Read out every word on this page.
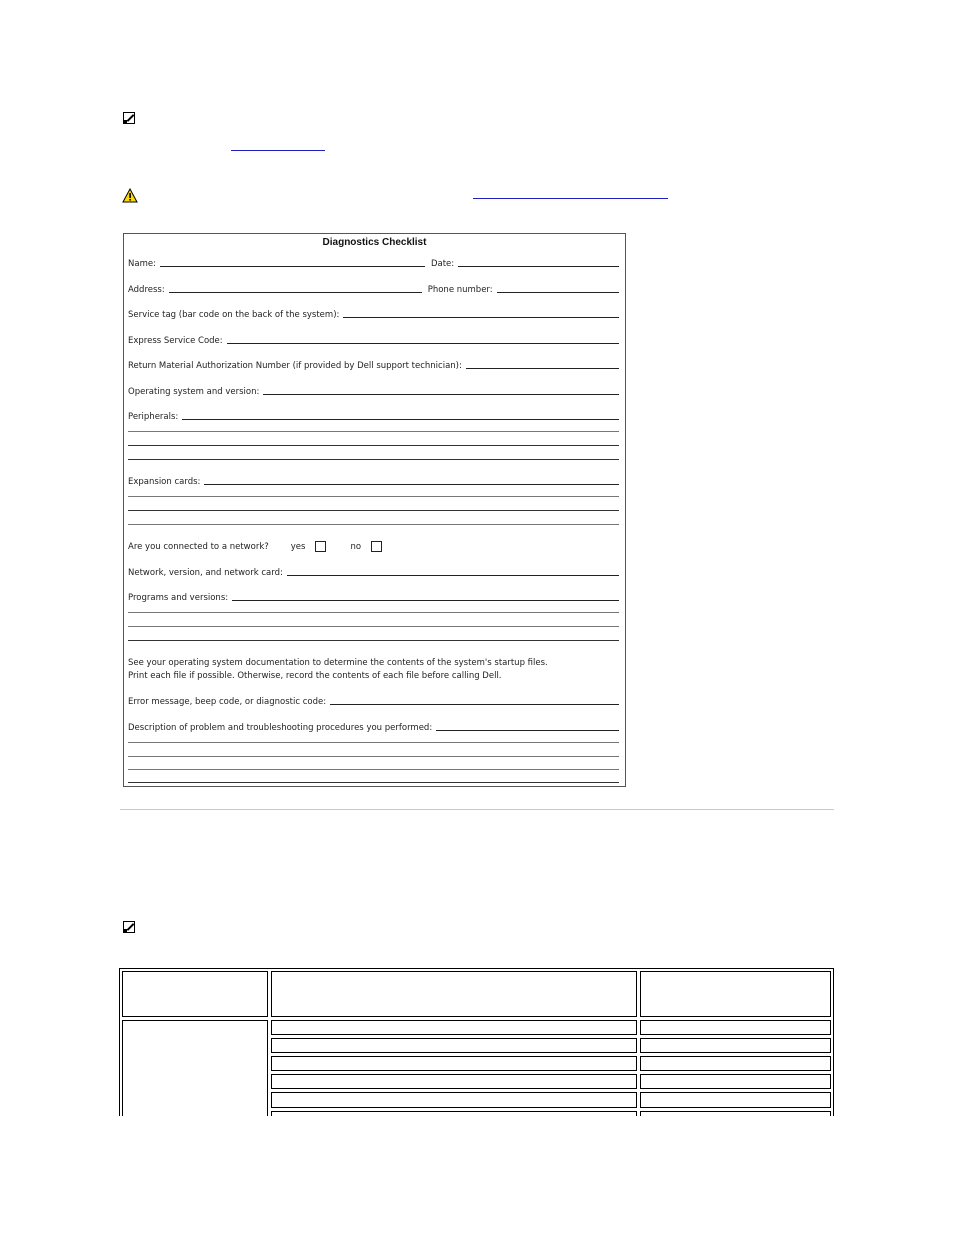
Diagnostics Checklist
Name:	Date:
Address:	Phone number:
Service tag (bar code on the back of the system):
Express Service Code:
Return Material Authorization Number (if provided by Dell support technician):
Operating system and version:
Peripherals:
Expansion cards:
Are you connected to a network?	yes	no
Network, version, and network card:
Programs and versions:
See your operating system documentation to determine the contents of the system's startup files.
Print each file if possible. Otherwise, record the contents of each file before calling Dell.
Error message, beep code, or diagnostic code:
Description of problem and troubleshooting procedures you performed:
